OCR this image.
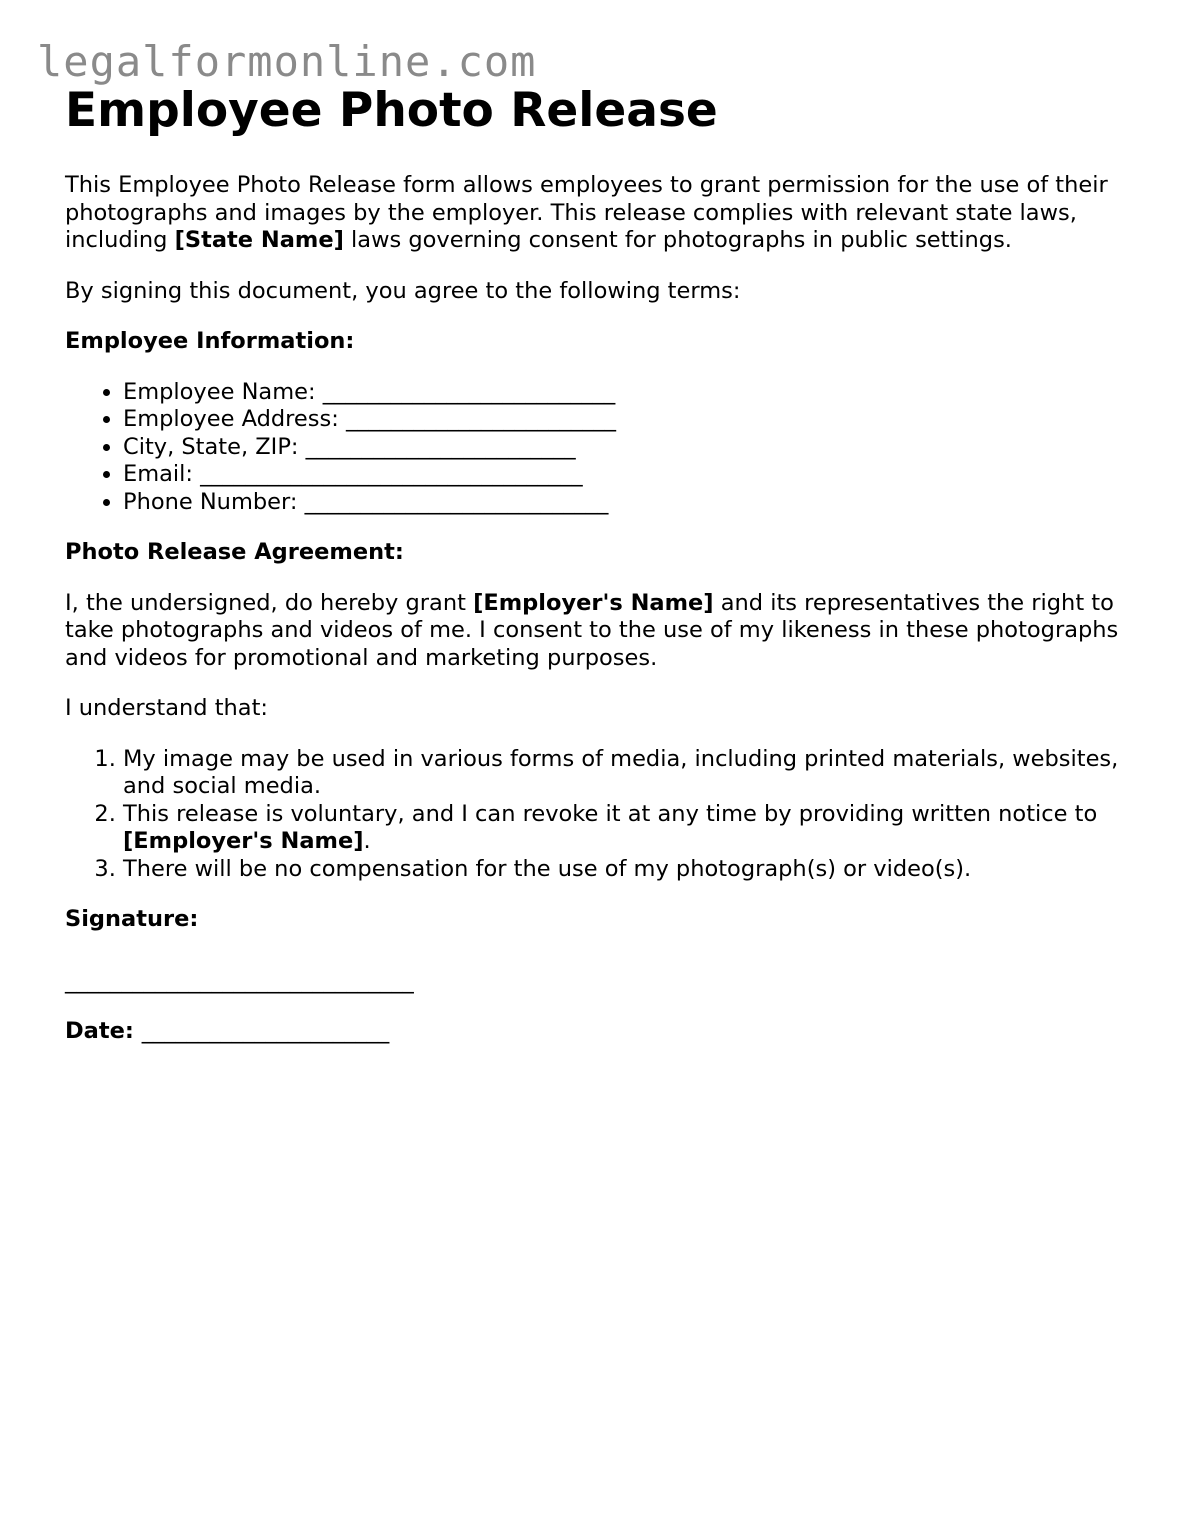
legalformonline.com
Employee Photo Release

This Employee Photo Release form allows employees to grant permission for the use of their photographs and images by the employer. This release complies with relevant state laws, including [State Name] laws governing consent for photographs in public settings.

By signing this document, you agree to the following terms:

Employee Information:

• Employee Name: __________________________
• Employee Address: ________________________
• City, State, ZIP: ________________________
• Email: __________________________________
• Phone Number: ___________________________

Photo Release Agreement:

I, the undersigned, do hereby grant [Employer's Name] and its representatives the right to take photographs and videos of me. I consent to the use of my likeness in these photographs and videos for promotional and marketing purposes.

I understand that:

1. My image may be used in various forms of media, including printed materials, websites, and social media.
2. This release is voluntary, and I can revoke it at any time by providing written notice to [Employer's Name].
3. There will be no compensation for the use of my photograph(s) or video(s).

Signature:

_______________________________

Date: ______________________
